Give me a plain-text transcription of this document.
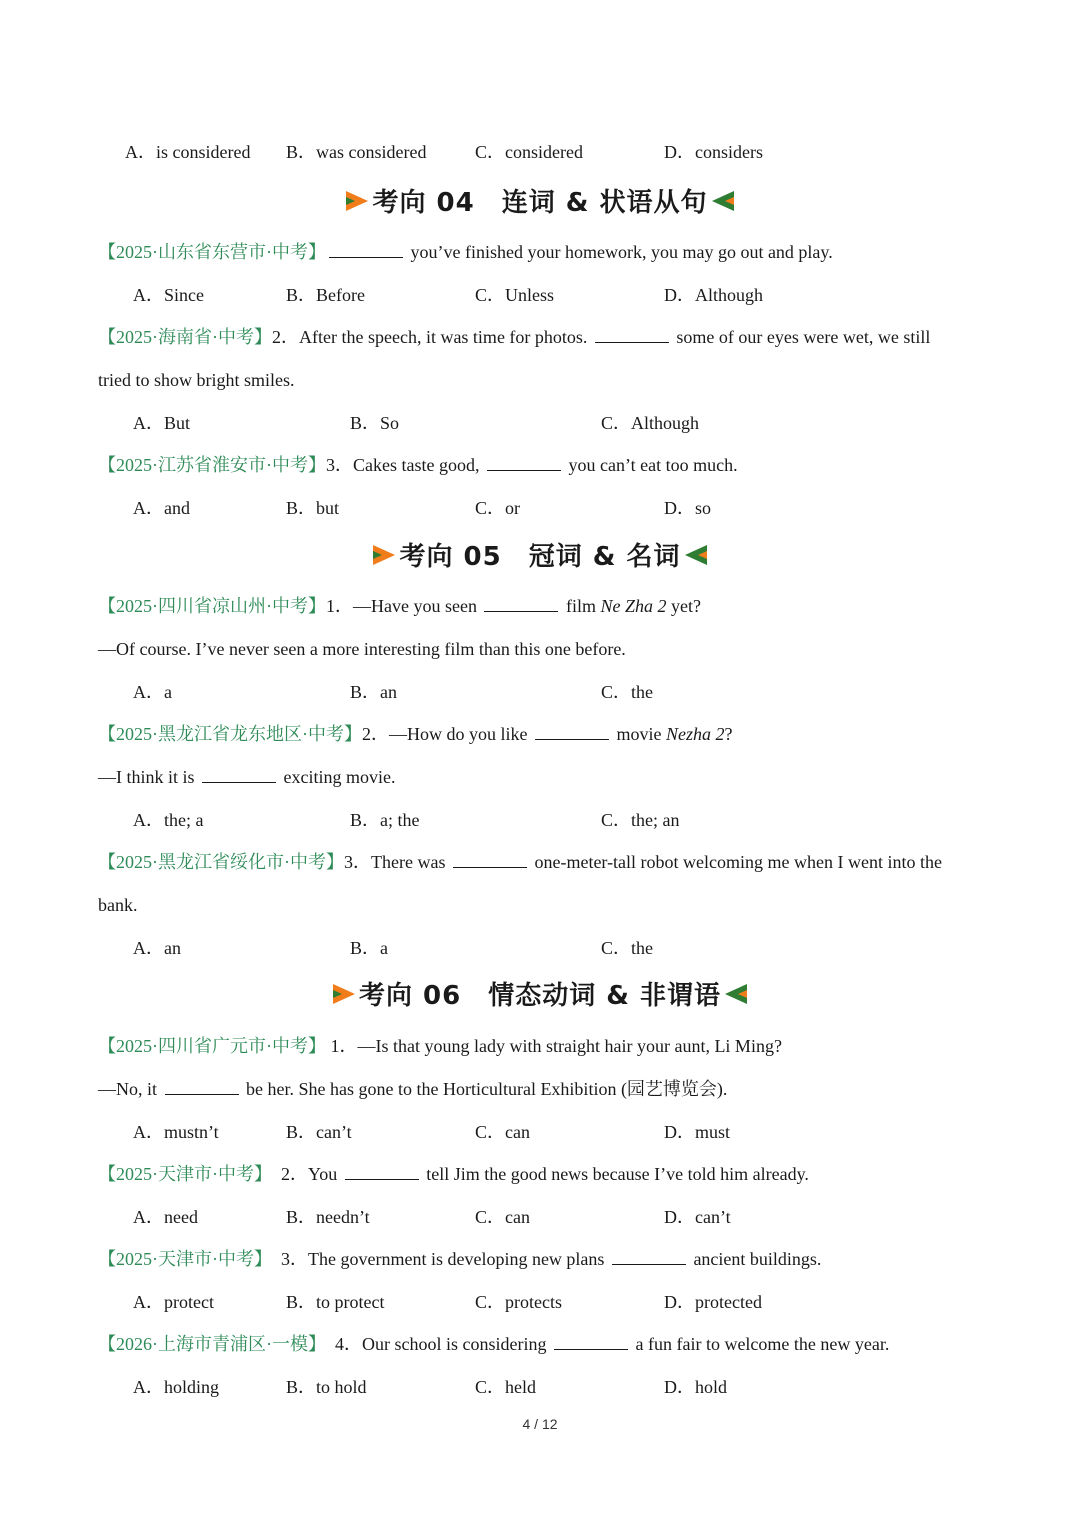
A．is considered B．was considered	C．considered	D．considers
考向 04　连词 & 状语从句
【2025·山东省东营市·中考】	you’ve finished your homework, you may go out and play.
A．Since	B．Before	C．Unless	D．Although
【2025·海南省·中考】2．After the speech, it was time for photos.	some of our eyes were wet, we still
tried to show bright smiles.
A．But	B．So	C．Although
【2025·江苏省淮安市·中考】3．Cakes taste good,	you can’t eat too much.
A．and	B．but	C．or	D．so
考向 05　冠词 & 名词
【2025·四川省凉山州·中考】1．—Have you seen	film Ne Zha 2 yet?
—Of course. I’ve never seen a more interesting film than this one before.
A．a	B．an	C．the
【2025·黑龙江省龙东地区·中考】2．—How do you like	movie Nezha 2?
—I think it is	exciting movie.
A．the; a	B．a; the	C．the; an
【2025·黑龙江省绥化市·中考】3．There was	one-meter-tall robot welcoming me when I went into the
bank.
A．an	B．a	C．the
考向 06　情态动词 & 非谓语
【2025·四川省广元市·中考】 1．—Is that young lady with straight hair your aunt, Li Ming?
—No, it	be her. She has gone to the Horticultural Exhibition (园艺博览会).
A．mustn’t	B．can’t	C．can	D．must
【2025·天津市·中考】　 2．You	tell Jim the good news because I’ve told him already.
A．need	B．needn’t	C．can	D．can’t
【2025·天津市·中考】　 3．The government is developing new plans	ancient buildings.
A．protect	B．to protect	C．protects	D．protected
【2026·上海市青浦区·一模】　 4．Our school is considering	a fun fair to welcome the new year.
A．holding	B．to hold	C．held	D．hold
4 / 12
